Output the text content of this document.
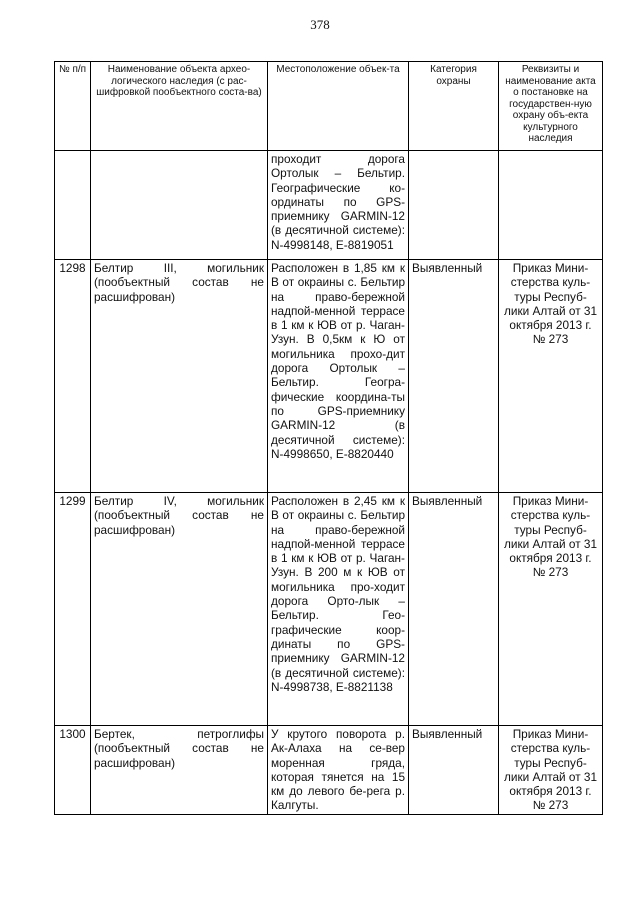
378
№ п/п	Наименование объекта архео-логического наследия (с рас-шифровкой пообъектного соста-ва)	Местоположение объек-та	Категория охраны	Реквизиты и наименование акта о постановке на государствен-ную охрану объ-екта культурного наследия
		проходит дорога Ортолык – Бельтир. Географические ко-ординаты по GPS-приемнику GARMIN-12 (в десятичной системе): N-4998148, E-8819051		
1298	Белтир III, могильник (пообъектный состав не расшифрован)	Расположен в 1,85 км к В от окраины с. Бельтир на право-бережной надпой-менной террасе в 1 км к ЮВ от р. Чаган-Узун. В 0,5км к Ю от могильника прохо-дит дорога Ортолык – Бельтир. Геогра-фические координа-ты по GPS-приемнику GARMIN-12 (в десятичной системе): N-4998650, E-8820440	Выявленный	Приказ Мини-стерства куль-туры Респуб-лики Алтай от 31 октября 2013 г. № 273
1299	Белтир IV, могильник (пообъектный состав не расшифрован)	Расположен в 2,45 км к В от окраины с. Бельтир на право-бережной надпой-менной террасе в 1 км к ЮВ от р. Чаган-Узун. В 200 м к ЮВ от могильника про-ходит дорога Орто-лык – Бельтир. Гео-графические коор-динаты по GPS-приемнику GARMIN-12 (в десятичной системе): N-4998738, E-8821138	Выявленный	Приказ Мини-стерства куль-туры Респуб-лики Алтай от 31 октября 2013 г. № 273
1300	Бертек, петроглифы (пообъектный состав не расшифрован)	У крутого поворота р. Ак-Алаха на се-вер моренная гряда, которая тянется на 15 км до левого бе-рега р. Калгуты.	Выявленный	Приказ Мини-стерства куль-туры Респуб-лики Алтай от 31 октября 2013 г. № 273
